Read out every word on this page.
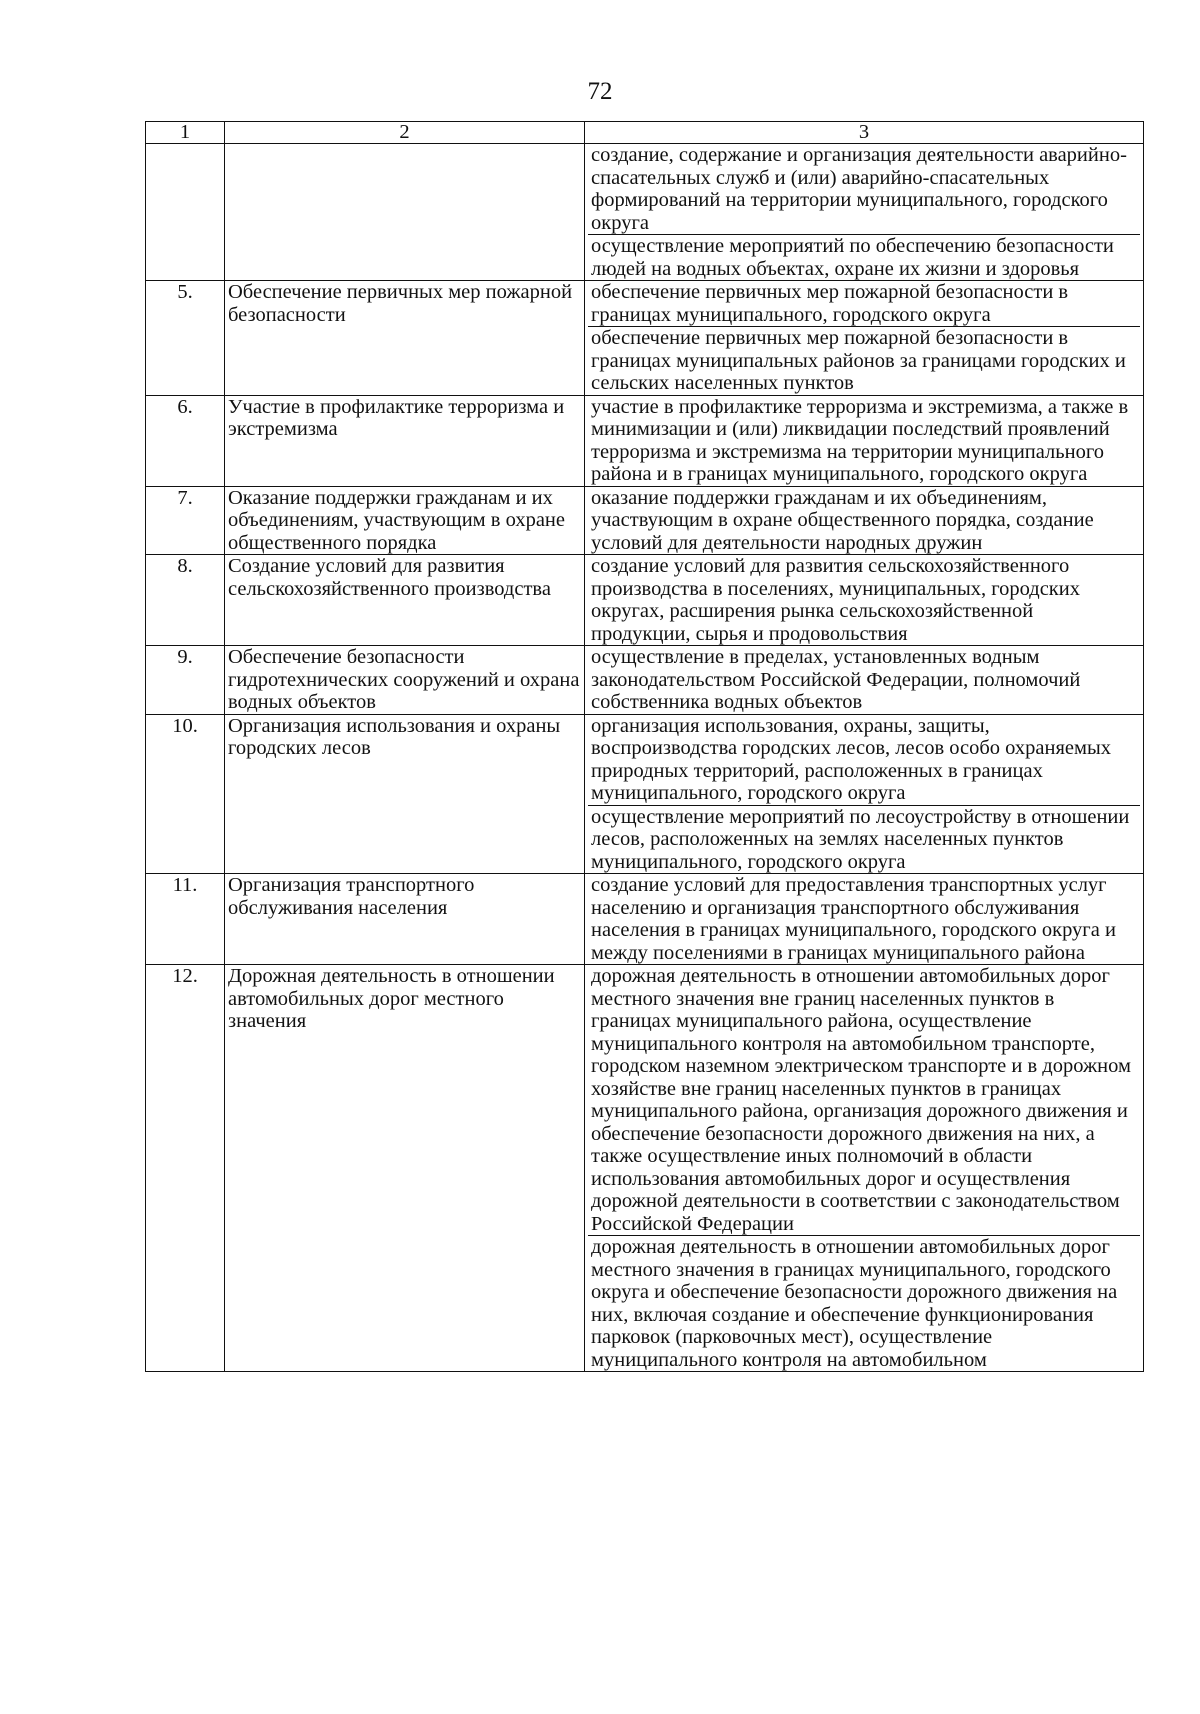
72
1	2	3

		создание, содержание и организация деятельности аварийно-спасательных служб и (или) аварийно-спасательных формирований на территории муниципального, городского округа
осуществление мероприятий по обеспечению безопасности людей на водных объектах, охране их жизни и здоровья

5.	Обеспечение первичных мер пожарной безопасности	обеспечение первичных мер пожарной безопасности в границах муниципального, городского округа
обеспечение первичных мер пожарной безопасности в границах муниципальных районов за границами городских и сельских населенных пунктов

6.	Участие в профилактике терроризма и экстремизма	участие в профилактике терроризма и экстремизма, а также в минимизации и (или) ликвидации последствий проявлений терроризма и экстремизма на территории муниципального района и в границах муниципального, городского округа

7.	Оказание поддержки гражданам и их объединениям, участвующим в охране общественного порядка	оказание поддержки гражданам и их объединениям, участвующим в охране общественного порядка, создание условий для деятельности народных дружин

8.	Создание условий для развития сельскохозяйственного производства	создание условий для развития сельскохозяйственного производства в поселениях, муниципальных, городских округах, расширения рынка сельскохозяйственной продукции, сырья и продовольствия

9.	Обеспечение безопасности гидротехнических сооружений и охрана водных объектов	осуществление в пределах, установленных водным законодательством Российской Федерации, полномочий собственника водных объектов

10.	Организация использования и охраны городских лесов	организация использования, охраны, защиты, воспроизводства городских лесов, лесов особо охраняемых природных территорий, расположенных в границах муниципального, городского округа
осуществление мероприятий по лесоустройству в отношении лесов, расположенных на землях населенных пунктов муниципального, городского округа

11.	Организация транспортного обслуживания населения	создание условий для предоставления транспортных услуг населению и организация транспортного обслуживания населения в границах муниципального, городского округа и между поселениями в границах муниципального района

12.	Дорожная деятельность в отношении автомобильных дорог местного значения	дорожная деятельность в отношении автомобильных дорог местного значения вне границ населенных пунктов в границах муниципального района, осуществление муниципального контроля на автомобильном транспорте, городском наземном электрическом транспорте и в дорожном хозяйстве вне границ населенных пунктов в границах муниципального района, организация дорожного движения и обеспечение безопасности дорожного движения на них, а также осуществление иных полномочий в области использования автомобильных дорог и осуществления дорожной деятельности в соответствии с законодательством Российской Федерации
дорожная деятельность в отношении автомобильных дорог местного значения в границах муниципального, городского округа и обеспечение безопасности дорожного движения на них, включая создание и обеспечение функционирования парковок (парковочных мест), осуществление муниципального контроля на автомобильном
